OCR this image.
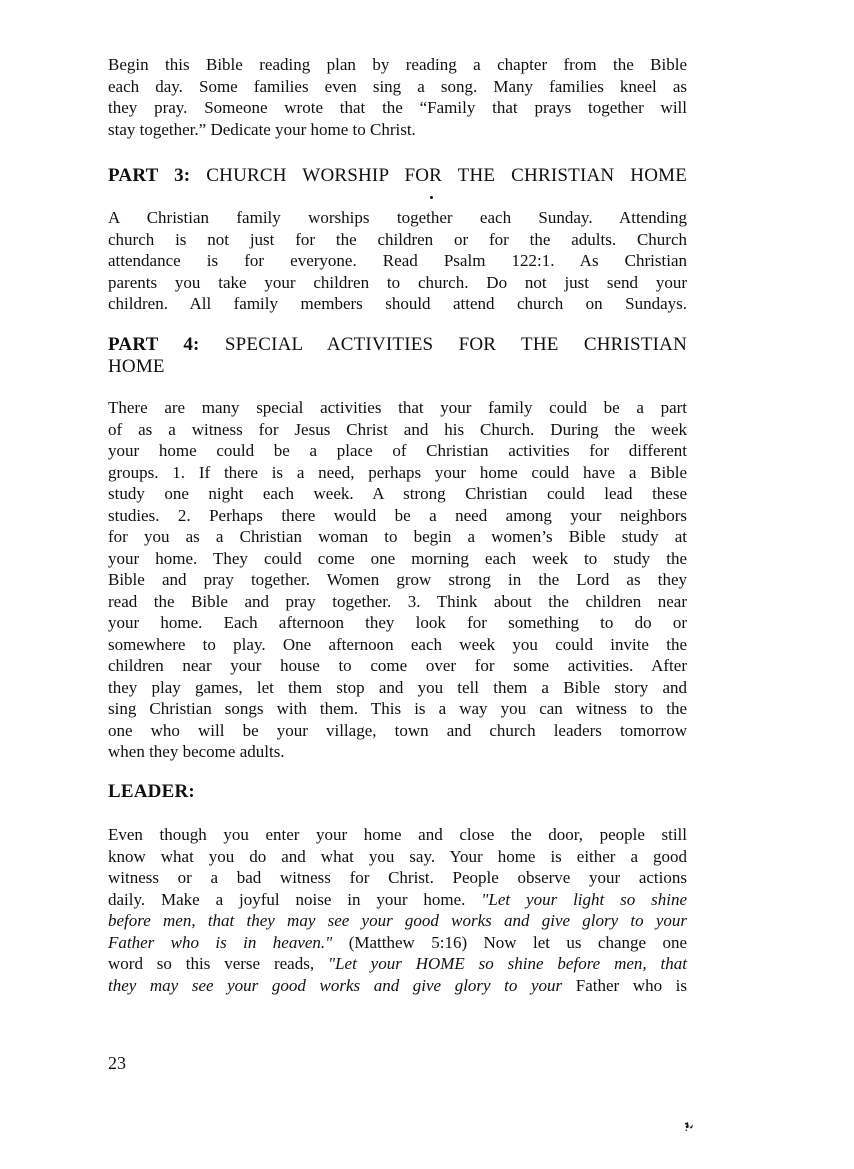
Begin this Bible reading plan by reading a chapter from the Bible
each day. Some families even sing a song. Many families kneel as
they pray. Someone wrote that the “Family that prays together will
stay together.” Dedicate your home to Christ.
PART 3: CHURCH WORSHIP FOR THE CHRISTIAN HOME
A Christian family worships together each Sunday. Attending
church is not just for the children or for the adults. Church
attendance is for everyone. Read Psalm 122:1. As Christian
parents you take your children to church. Do not just send your
children. All family members should attend church on Sundays.
PART 4: SPECIAL ACTIVITIES FOR THE CHRISTIAN
HOME
There are many special activities that your family could be a part
of as a witness for Jesus Christ and his Church. During the week
your home could be a place of Christian activities for different
groups. 1. If there is a need, perhaps your home could have a Bible
study one night each week. A strong Christian could lead these
studies. 2. Perhaps there would be a need among your neighbors
for you as a Christian woman to begin a women’s Bible study at
your home. They could come one morning each week to study the
Bible and pray together. Women grow strong in the Lord as they
read the Bible and pray together. 3. Think about the children near
your home. Each afternoon they look for something to do or
somewhere to play. One afternoon each week you could invite the
children near your house to come over for some activities. After
they play games, let them stop and you tell them a Bible story and
sing Christian songs with them. This is a way you can witness to the
one who will be your village, town and church leaders tomorrow
when they become adults.
LEADER:
Even though you enter your home and close the door, people still
know what you do and what you say. Your home is either a good
witness or a bad witness for Christ. People observe your actions
daily. Make a joyful noise in your home. "Let your light so shine
before men, that they may see your good works and give glory to your
Father who is in heaven." (Matthew 5:16) Now let us change one
word so this verse reads, "Let your HOME so shine before men, that
they may see your good works and give glory to your Father who is
23
